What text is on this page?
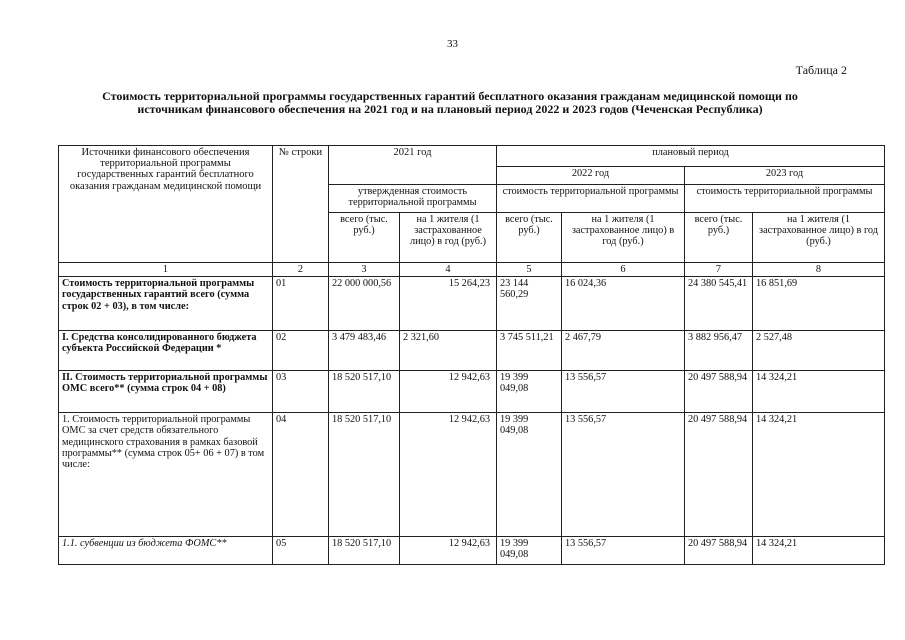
33
Таблица 2
Стоимость территориальной программы государственных гарантий бесплатного оказания гражданам медицинской помощи по источникам финансового обеспечения на 2021 год и на плановый период 2022 и 2023 годов (Чеченская Республика)
Источники финансового обеспечения территориальной программы государственных гарантий бесплатного оказания гражданам медицинской помощи	№ строки	2021 год		плановый период			
				2022 год		2023 год	
		утвержденная стоимость территориальной программы		стоимость территориальной программы		стоимость территориальной программы	
		всего (тыс. руб.)	на 1 жителя (1 застрахованное лицо) в год (руб.)	всего (тыс. руб.)	на 1 жителя (1 застрахованное лицо) в год (руб.)	всего (тыс. руб.)	на 1 жителя (1 застрахованное лицо) в год (руб.)
1	2	3	4	5	6	7	8
Стоимость территориальной программы государственных гарантий всего (сумма строк 02 + 03), в том числе:	01	22 000 000,56	15 264,23	23 144 560,29	16 024,36	24 380 545,41	16 851,69
I. Средства консолидированного бюджета субъекта Российской Федерации *	02	3 479 483,46	2 321,60	3 745 511,21	2 467,79	3 882 956,47	2 527,48
II. Стоимость территориальной программы ОМС всего** (сумма строк 04 + 08)	03	18 520 517,10	12 942,63	19 399 049,08	13 556,57	20 497 588,94	14 324,21
1. Стоимость территориальной программы ОМС за счет средств обязательного медицинского страхования в рамках базовой программы** (сумма строк 05+ 06 + 07) в том числе:	04	18 520 517,10	12 942,63	19 399 049,08	13 556,57	20 497 588,94	14 324,21
1.1. субвенции из бюджета ФОМС**	05	18 520 517,10	12 942,63	19 399 049,08	13 556,57	20 497 588,94	14 324,21
